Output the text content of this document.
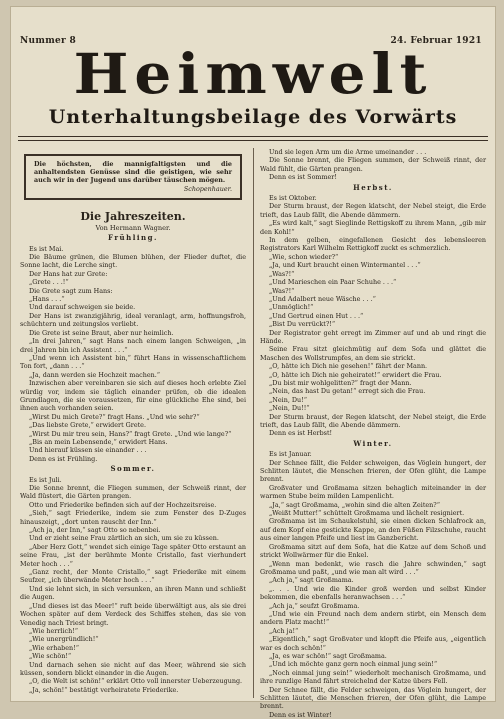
Nummer 8	24. Februar 1921
Heimwelt
Unterhaltungsbeilage des Vorwärts
Die höchsten, die mannigfaltigsten und die anhaltendsten Genüsse sind die geistigen, wie sehr auch wir in der Jugend uns darüber täuschen mögen.
Schopenhauer.
Die Jahreszeiten.
Von Hermann Wagner.
Frühling.

Es ist Mai.

Die Bäume grünen, die Blumen blühen, der Flieder duftet, die Sonne lacht, die Lerche singt.

Der Hans hat zur Grete:

„Grete . . .!“

Die Grete sagt zum Hans:

„Hans . . .“

Und darauf schweigen sie beide.

Der Hans ist zwanzigjährig, ideal veranlagt, arm, hoffnungsfroh, schüchtern und zeitungslos verliebt.

Die Grete ist seine Braut, aber nur heimlich.

„In drei Jahren,“ sagt Hans nach einem langen Schweigen, „in drei Jahren bin ich Assistent . . .“

„Und wenn ich Assistent bin,“ führt Hans in wissenschaftlichem Ton fort, „dann . . .“

„Ja, dann werden sie Hochzeit machen.“

Inzwischen aber vereinbaren sie sich auf dieses hoch erlebte Ziel würdig vor, indem sie täglich einander prüfen, ob die idealen Grundlagen, die sie voraussetzen, für eine glückliche Ehe sind, bei ihnen auch vorhanden seien.

„Wirst Du mich Grete?“ fragt Hans. „Und wie sehr?“

„Das liebste Grete,“ erwidert Grete.

„Wirst Du mir treu sein, Hans?“ fragt Grete. „Und wie lange?“

„Bis an mein Lebensende,“ erwidert Hans.

Und hierauf küssen sie einander . . .

Denn es ist Frühling.

Sommer.

Es ist Juli.

Die Sonne brennt, die Fliegen summen, der Schweiß rinnt, der Wald flüstert, die Gärten prangen.

Otto und Friederike befinden sich auf der Hochzeitsreise.

„Sieh,“ sagt Friederike, indem sie zum Fenster des D-Zuges hinauszeigt, „dort unten rauscht der Inn.“

„Ach ja, der Inn,“ sagt Otto so nebenbei.

Und er zieht seine Frau zärtlich an sich, um sie zu küssen.

„Aber Herz Gott,“ wendet sich einige Tage später Otto erstaunt an seine Frau, „ist der berühmte Monte Cristallo, fast vierhundert Meter hoch . . .“

„Ganz recht, der Monte Cristallo,“ sagt Friederike mit einem Seufzer, „ich überwände Meter hoch . . .“

Und sie lehnt sich, in sich versunken, an ihren Mann und schließt die Augen.

„Und dieses ist das Meer!“ ruft beide überwältigt aus, als sie drei Wochen später auf dem Verdeck des Schiffes stehen, das sie von Venedig nach Triest bringt.

„Wie herrlich!“

„Wie unergründlich!“

„Wie erhaben!“

„Wie schön!“

Und darnach sehen sie nicht auf das Meer, während sie sich küssen, sondern blickt einander in die Augen.

„O, die Welt ist schön!“ erklärt Otto voll innerster Ueberzeugung.

„Ja, schön!“ bestätigt verheiratete Friederike.

Und sie legen Arm um die Arme umeinander . . .

Die Sonne brennt, die Fliegen summen, der Schweiß rinnt, der Wald fühlt, die Gärten prangen.

Denn es ist Sommer!

Herbst.

Es ist Oktober.

Der Sturm braust, der Regen klatscht, der Nebel steigt, die Erde trieft, das Laub fällt, die Abende dämmern.

„Es wird kalt,“ sagt Sieglinde Rettigskoff zu ihrem Mann, „gib mir den Kohl!“

In dem gelben, eingefallenen Gesicht des lebensleeren Registrators Karl Wilhelm Rettigkoff zuckt es schmerzlich.

„Wie, schon wieder?“

„Ja, und Kurt braucht einen Wintermantel . . .“

„Was?!“

„Und Marieschen ein Paar Schuhe . . .“

„Was?!“

„Und Adalbert neue Wäsche . . .“

„Unmöglich!“

„Und Gertrud einen Hut . . .“

„Bist Du verrückt?!“

Der Registrator geht erregt im Zimmer auf und ab und ringt die Hände.

Seine Frau sitzt gleichmütig auf dem Sofa und glättet die Maschen des Wollstrumpfes, an dem sie strickt.

„O, hätte ich Dich nie gesehen!“ fährt der Mann.

„O, hätte ich Dich nie geheiratet!“ erwidert die Frau.

„Du bist mir wohlgelitten?“ fragt der Mann.

„Nein, das hast Du getan!“ erregt sich die Frau.

„Nein, Du!“

„Nein, Du!!“

Der Sturm braust, der Regen klatscht, der Nebel steigt, die Erde trieft, das Laub fällt, die Abende dämmern.

Denn es ist Herbst!

Winter.

Es ist Januar.

Der Schnee fällt, die Felder schweigen, das Vöglein hungert, der Schlitten läutet, die Menschen frieren, der Ofen glüht, die Lampe brennt.

Großvater und Großmama sitzen behaglich miteinander in der warmen Stube beim milden Lampenlicht.

„Ja,“ sagt Großmama, „wohin sind die alten Zeiten?“

„Weißt Mutter!“ schüttelt Großmama und lächelt resigniert.

Großmama ist im Schaukelstuhl, sie einen dicken Schlafrock an, auf dem Kopf eine gestickte Kappe, an den Füßen Filzschuhe, raucht aus einer langen Pfeife und liest im Ganzbericht.

Großmama sitzt auf dem Sofa, hat die Katze auf dem Schoß und strickt Wollwärmer für die Enkel.

„Wenn man bedenkt, wie rasch die Jahre schwinden,“ sagt Großmama und paßt, „und wie man alt wird . . .“

„Ach ja,“ sagt Großmama.

„. . . Und wie die Kinder groß werden und selbst Kinder bekommen, die ebenfalls heranwachsen . . .“

„Ach ja,“ seufzt Großmama.

„Und wie ein Freund nach dem andern stirbt, ein Mensch dem andern Platz macht!“

„Ach ja!“

„Eigentlich,“ sagt Großvater und klopft die Pfeife aus, „eigentlich war es doch schön!“

„Ja, es war schön!“ sagt Großmama.

„Und ich möchte ganz gern noch einmal jung sein!“

„Noch einmal jung sein!“ wiederholt mechanisch Großmama, und ihre runzlige Hand fährt streichelnd der Katze übers Fell.

Der Schnee fällt, die Felder schweigen, das Vöglein hungert, der Schlitten läutet, die Menschen frieren, der Ofen glüht, die Lampe brennt.

Denn es ist Winter!
